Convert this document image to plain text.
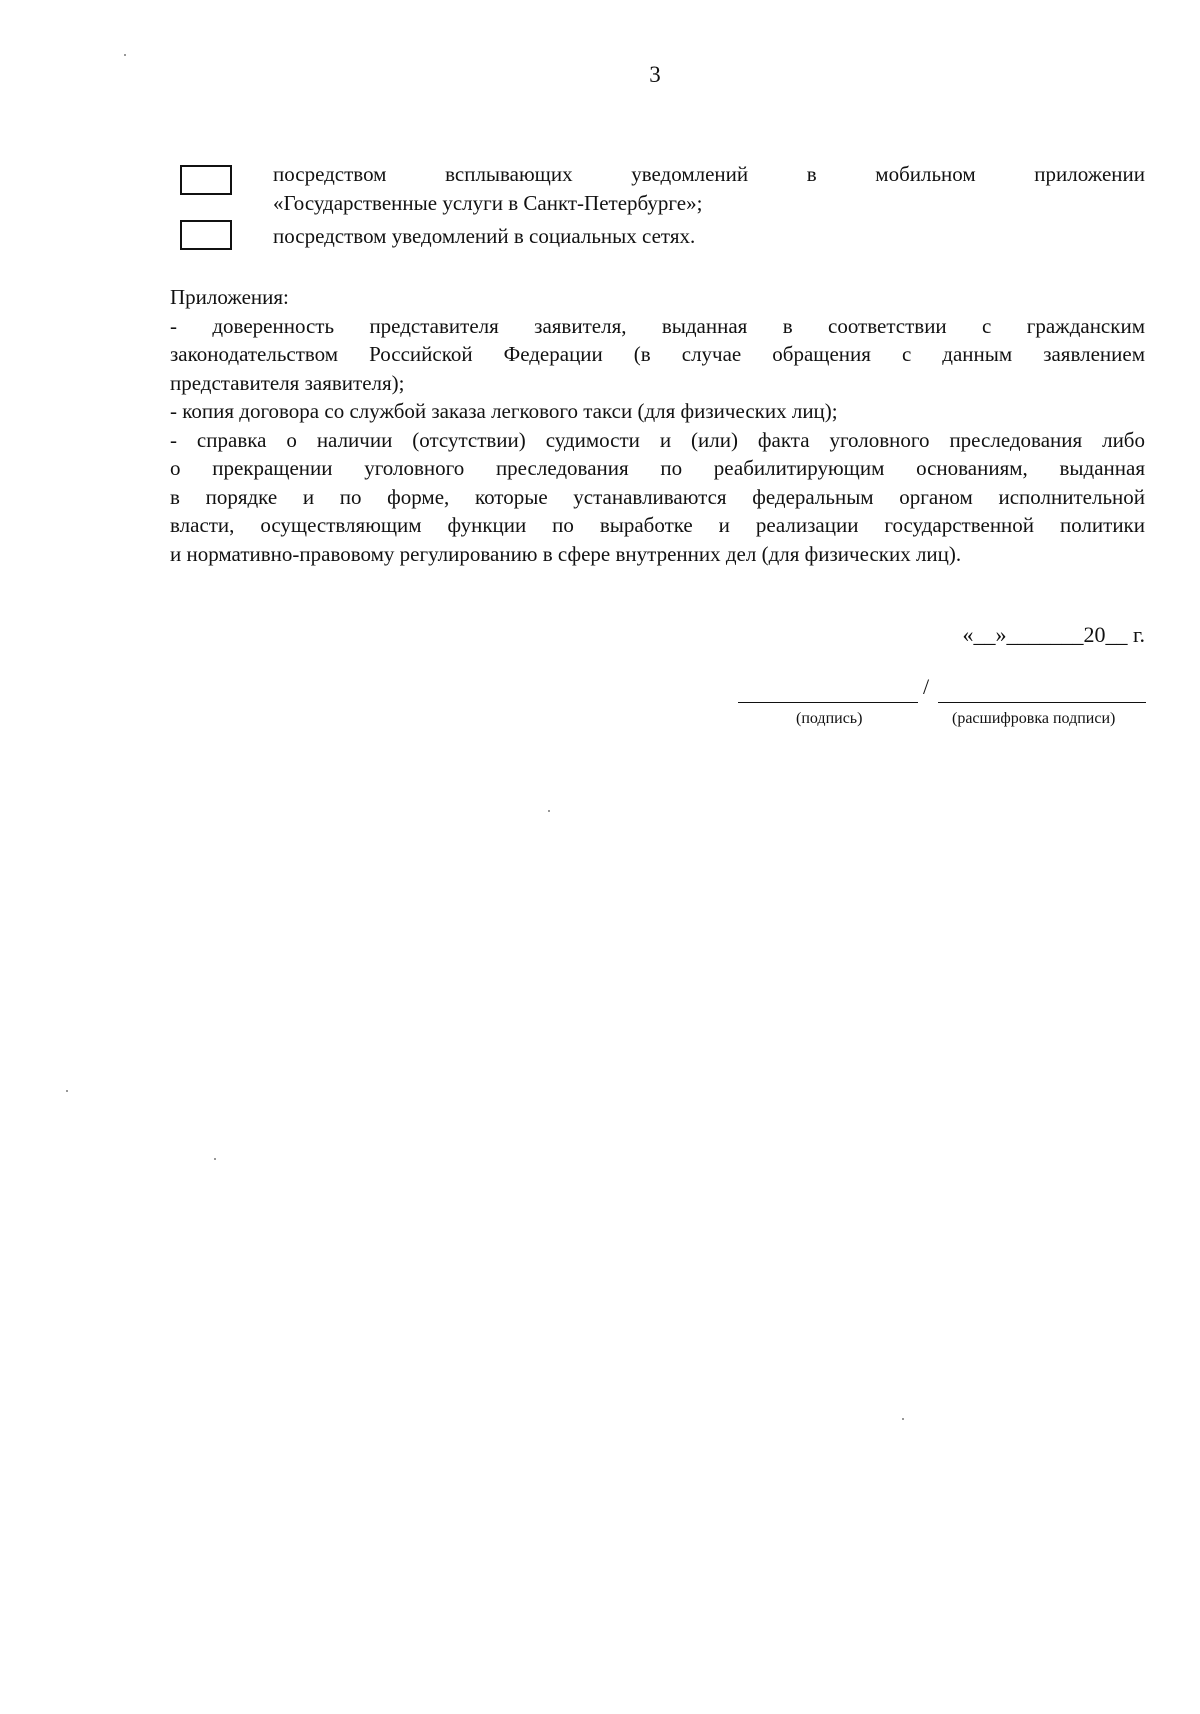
3
посредством всплывающих уведомлений в мобильном приложении
«Государственные услуги в Санкт-Петербурге»;
посредством уведомлений в социальных сетях.
Приложения:
- доверенность представителя заявителя, выданная в соответствии с гражданским
законодательством Российской Федерации (в случае обращения с данным заявлением
представителя заявителя);
- копия договора со службой заказа легкового такси (для физических лиц);
- справка о наличии (отсутствии) судимости и (или) факта уголовного преследования либо
о прекращении уголовного преследования по реабилитирующим основаниям, выданная
в порядке и по форме, которые устанавливаются федеральным органом исполнительной
власти, осуществляющим функции по выработке и реализации государственной политики
и нормативно-правовому регулированию в сфере внутренних дел (для физических лиц).
«__»_______20__ г.
/
(подпись)	(расшифровка подписи)
